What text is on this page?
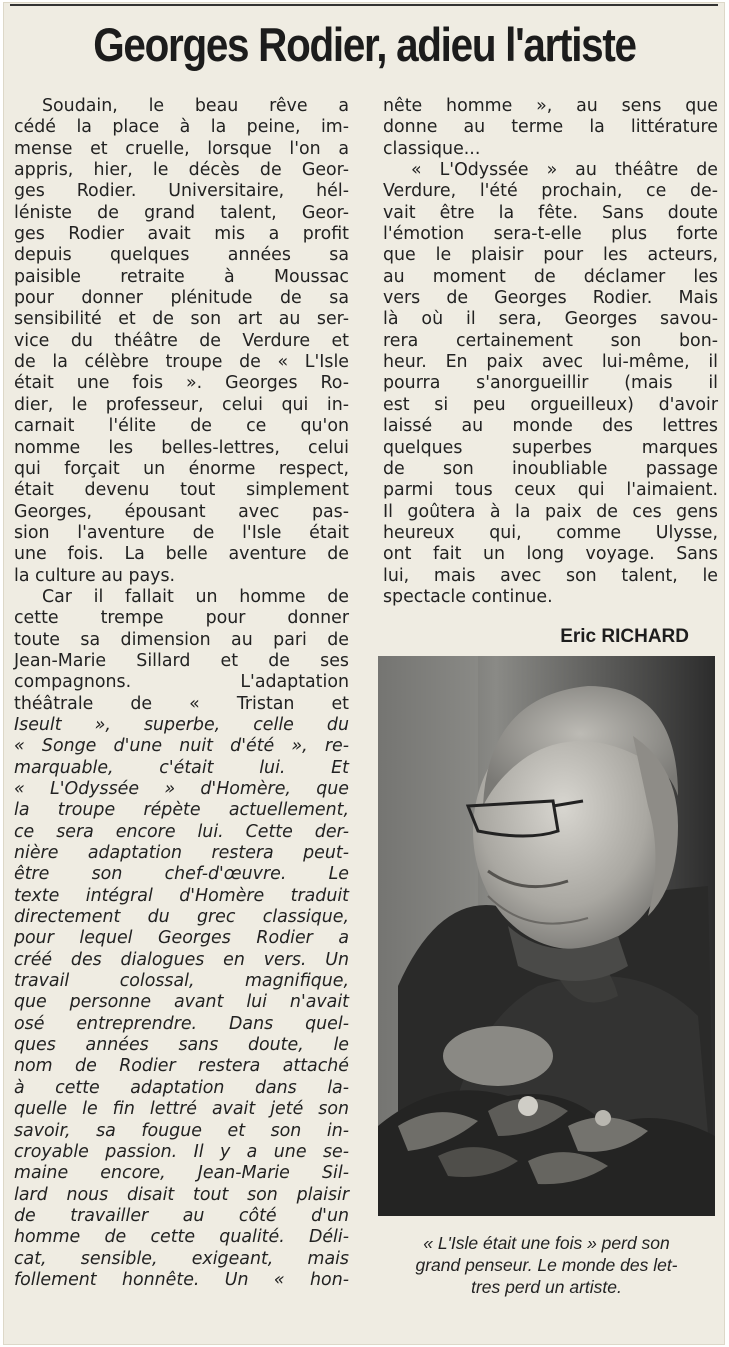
Georges Rodier, adieu l'artiste
Soudain, le beau rêve a
cédé la place à la peine, im-
mense et cruelle, lorsque l'on a
appris, hier, le décès de Geor-
ges Rodier. Universitaire, hél-
léniste de grand talent, Geor-
ges Rodier avait mis a profit
depuis quelques années sa
paisible retraite à Moussac
pour donner plénitude de sa
sensibilité et de son art au ser-
vice du théâtre de Verdure et
de la célèbre troupe de « L'Isle
était une fois ». Georges Ro-
dier, le professeur, celui qui in-
carnait l'élite de ce qu'on
nomme les belles-lettres, celui
qui forçait un énorme respect,
était devenu tout simplement
Georges, épousant avec pas-
sion l'aventure de l'Isle était
une fois. La belle aventure de
la culture au pays.
Car il fallait un homme de
cette trempe pour donner
toute sa dimension au pari de
Jean-Marie Sillard et de ses
compagnons. L'adaptation
théâtrale de « Tristan et
Iseult », superbe, celle du
« Songe d'une nuit d'été », re-
marquable, c'était lui. Et
« L'Odyssée » d'Homère, que
la troupe répète actuellement,
ce sera encore lui. Cette der-
nière adaptation restera peut-
être son chef-d'œuvre. Le
texte intégral d'Homère traduit
directement du grec classique,
pour lequel Georges Rodier a
créé des dialogues en vers. Un
travail colossal, magnifique,
que personne avant lui n'avait
osé entreprendre. Dans quel-
ques années sans doute, le
nom de Rodier restera attaché
à cette adaptation dans la-
quelle le fin lettré avait jeté son
savoir, sa fougue et son in-
croyable passion. Il y a une se-
maine encore, Jean-Marie Sil-
lard nous disait tout son plaisir
de travailler au côté d'un
homme de cette qualité. Déli-
cat, sensible, exigeant, mais
follement honnête. Un « hon-
nête homme », au sens que
donne au terme la littérature
classique...
« L'Odyssée » au théâtre de
Verdure, l'été prochain, ce de-
vait être la fête. Sans doute
l'émotion sera-t-elle plus forte
que le plaisir pour les acteurs,
au moment de déclamer les
vers de Georges Rodier. Mais
là où il sera, Georges savou-
rera certainement son bon-
heur. En paix avec lui-même, il
pourra s'anorgueillir (mais il
est si peu orgueilleux) d'avoir
laissé au monde des lettres
quelques superbes marques
de son inoubliable passage
parmi tous ceux qui l'aimaient.
Il goûtera à la paix de ces gens
heureux qui, comme Ulysse,
ont fait un long voyage. Sans
lui, mais avec son talent, le
spectacle continue.
Eric RICHARD
« L'Isle était une fois » perd son
grand penseur. Le monde des let-
tres perd un artiste.
